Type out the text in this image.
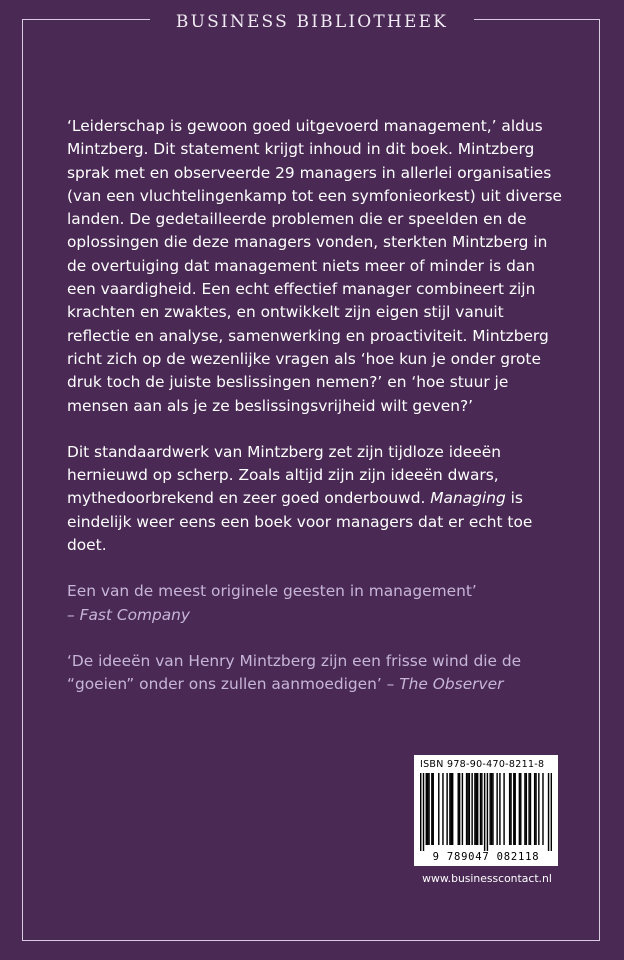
BUSINESS BIBLIOTHEEK

‘Leiderschap is gewoon goed uitgevoerd management,’ aldus Mintzberg. Dit statement krijgt inhoud in dit boek. Mintzberg sprak met en observeerde 29 managers in allerlei organisaties (van een vluchtelingenkamp tot een symfonieorkest) uit diverse landen. De gedetailleerde problemen die er speelden en de oplossingen die deze managers vonden, sterkten Mintzberg in de overtuiging dat management niets meer of minder is dan een vaardigheid. Een echt effectief manager combineert zijn krachten en zwaktes, en ontwikkelt zijn eigen stijl vanuit reflectie en analyse, samenwerking en proactiviteit. Mintzberg richt zich op de wezenlijke vragen als ‘hoe kun je onder grote druk toch de juiste beslissingen nemen?’ en ‘hoe stuur je mensen aan als je ze beslissingsvrijheid wilt geven?’

Dit standaardwerk van Mintzberg zet zijn tijdloze ideeën hernieuwd op scherp. Zoals altijd zijn zijn ideeën dwars, mythedoorbrekend en zeer goed onderbouwd. Managing is eindelijk weer eens een boek voor managers dat er echt toe doet.

Een van de meest originele geesten in management’
– Fast Company

‘De ideeën van Henry Mintzberg zijn een frisse wind die de “goeien” onder ons zullen aanmoedigen’ – The Observer

ISBN 978-90-470-8211-8
9 789047 082118
www.businesscontact.nl
